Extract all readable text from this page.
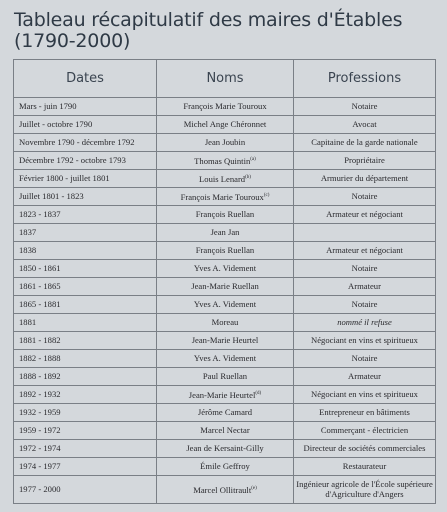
Tableau récapitulatif des maires d'Étables
(1790-2000)
Dates	Noms	Professions
Mars - juin 1790	François Marie Touroux	Notaire
Juillet - octobre 1790	Michel Ange Chéronnet	Avocat
Novembre 1790 - décembre 1792	Jean Joubin	Capitaine de la garde nationale
Décembre 1792 - octobre 1793	Thomas Quintin$^{(a)}$	Propriétaire
Février 1800 - juillet 1801	Louis Lenard$^{(b)}$	Armurier du département
Juillet 1801 - 1823	François Marie Touroux$^{(c)}$	Notaire
1823 - 1837	François Ruellan	Armateur et négociant
1837	Jean Jan	
1838	François Ruellan	Armateur et négociant
1850 - 1861	Yves A. Videment	Notaire
1861 - 1865	Jean-Marie Ruellan	Armateur
1865 - 1881	Yves A. Videment	Notaire
1881	Moreau	nommé il refuse
1881 - 1882	Jean-Marie Heurtel	Négociant en vins et spiritueux
1882 - 1888	Yves A. Videment	Notaire
1888 - 1892	Paul Ruellan	Armateur
1892 - 1932	Jean-Marie Heurtel$^{(d)}$	Négociant en vins et spiritueux
1932 - 1959	Jérôme Camard	Entrepreneur en bâtiments
1959 - 1972	Marcel Nectar	Commerçant - électricien
1972 - 1974	Jean de Kersaint-Gilly	Directeur de sociétés commerciales
1974 - 1977	Émile Geffroy	Restaurateur
1977 - 2000	Marcel Ollitrault$^{(e)}$	Ingénieur agricole de l'École supérieure d'Agriculture d'Angers
